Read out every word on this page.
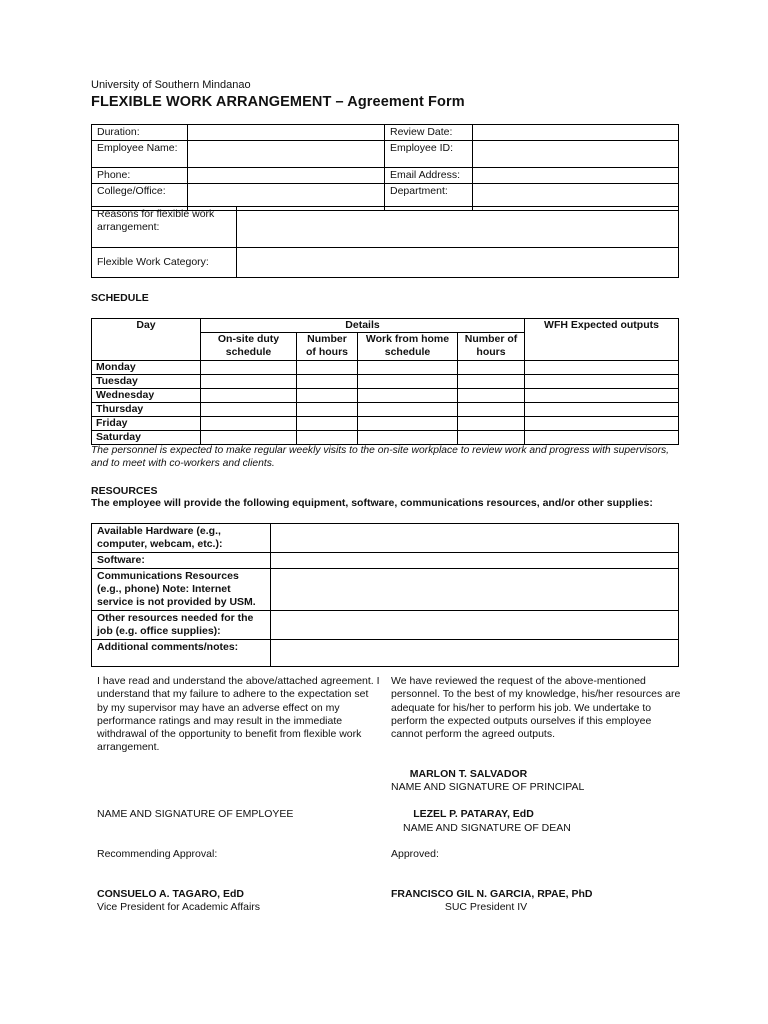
University of Southern Mindanao
FLEXIBLE WORK ARRANGEMENT – Agreement Form
Duration:		Review Date:	
Employee Name:		Employee ID:	
Phone:		Email Address:	
College/Office:		Department:	
Reasons for flexible work arrangement:	
Flexible Work Category:	
SCHEDULE
Day	Details				WFH Expected outputs
	On-site duty schedule	Number of hours	Work from home schedule	Number of hours	
Monday					
Tuesday					
Wednesday					
Thursday					
Friday					
Saturday					
The personnel is expected to make regular weekly visits to the on-site workplace to review work and progress with supervisors, and to meet with co-workers and clients.
RESOURCES
The employee will provide the following equipment, software, communications resources, and/or other supplies:
Available Hardware (e.g., computer, webcam, etc.):	
Software:	
Communications Resources (e.g., phone) Note: Internet service is not provided by USM.	
Other resources needed for the job (e.g. office supplies):	
Additional comments/notes:	
I have read and understand the above/attached agreement. I understand that my failure to adhere to the expectation set by my supervisor may have an adverse effect on my performance ratings and may result in the immediate withdrawal of the opportunity to benefit from flexible work arrangement.
We have reviewed the request of the above-mentioned personnel. To the best of my knowledge, his/her resources are adequate for his/her to perform his job. We undertake to perform the expected outputs ourselves if this employee cannot perform the agreed outputs.
MARLON T. SALVADOR
NAME AND SIGNATURE OF PRINCIPAL
NAME AND SIGNATURE OF EMPLOYEE	LEZEL P. PATARAY, EdD
NAME AND SIGNATURE OF DEAN
Recommending Approval:	Approved:
CONSUELO A. TAGARO, EdD
Vice President for Academic Affairs
FRANCISCO GIL N. GARCIA, RPAE, PhD
SUC President IV
